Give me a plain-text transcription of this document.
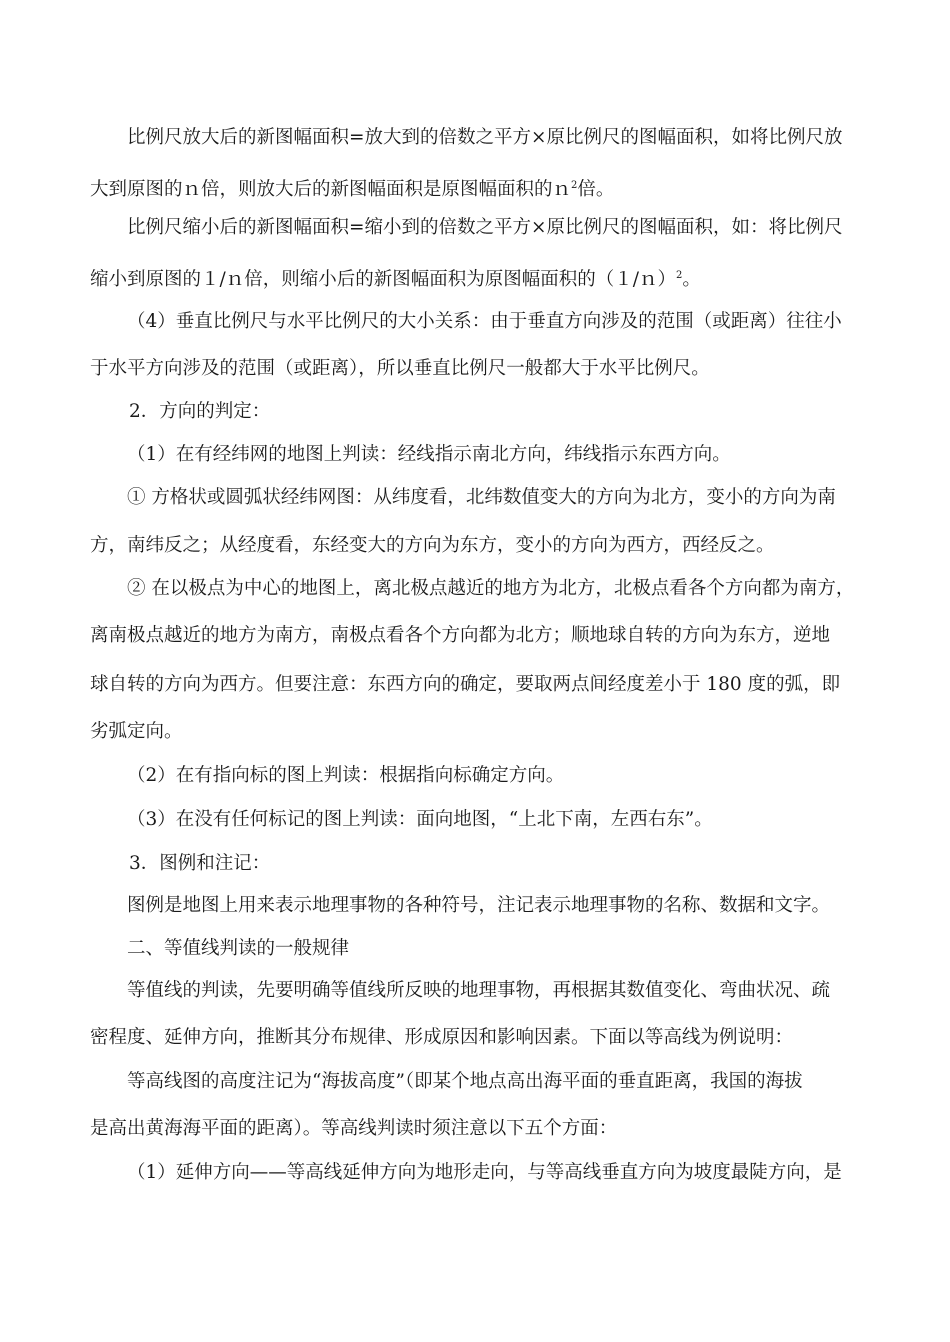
比例尺放大后的新图幅面积=放大到的倍数之平方×原比例尺的图幅面积，如将比例尺放
大到原图的ｎ倍，则放大后的新图幅面积是原图幅面积的ｎ$^2$倍。
比例尺缩小后的新图幅面积=缩小到的倍数之平方×原比例尺的图幅面积，如：将比例尺
缩小到原图的１/ｎ倍，则缩小后的新图幅面积为原图幅面积的（１/ｎ）$^2$。
（4）垂直比例尺与水平比例尺的大小关系：由于垂直方向涉及的范围（或距离）往往小
于水平方向涉及的范围（或距离），所以垂直比例尺一般都大于水平比例尺。
2．方向的判定：
（1）在有经纬网的地图上判读：经线指示南北方向，纬线指示东西方向。
① 方格状或圆弧状经纬网图：从纬度看，北纬数值变大的方向为北方，变小的方向为南
方，南纬反之；从经度看，东经变大的方向为东方，变小的方向为西方，西经反之。
② 在以极点为中心的地图上，离北极点越近的地方为北方，北极点看各个方向都为南方，
离南极点越近的地方为南方，南极点看各个方向都为北方；顺地球自转的方向为东方，逆地
球自转的方向为西方。但要注意：东西方向的确定，要取两点间经度差小于 180 度的弧，即
劣弧定向。
（2）在有指向标的图上判读：根据指向标确定方向。
（3）在没有任何标记的图上判读：面向地图，“上北下南，左西右东”。
3．图例和注记：
图例是地图上用来表示地理事物的各种符号，注记表示地理事物的名称、数据和文字。
二、等值线判读的一般规律
等值线的判读，先要明确等值线所反映的地理事物，再根据其数值变化、弯曲状况、疏
密程度、延伸方向，推断其分布规律、形成原因和影响因素。下面以等高线为例说明：
等高线图的高度注记为“海拔高度”（即某个地点高出海平面的垂直距离，我国的海拔
是高出黄海海平面的距离）。等高线判读时须注意以下五个方面：
（1）延伸方向——等高线延伸方向为地形走向，与等高线垂直方向为坡度最陡方向，是
